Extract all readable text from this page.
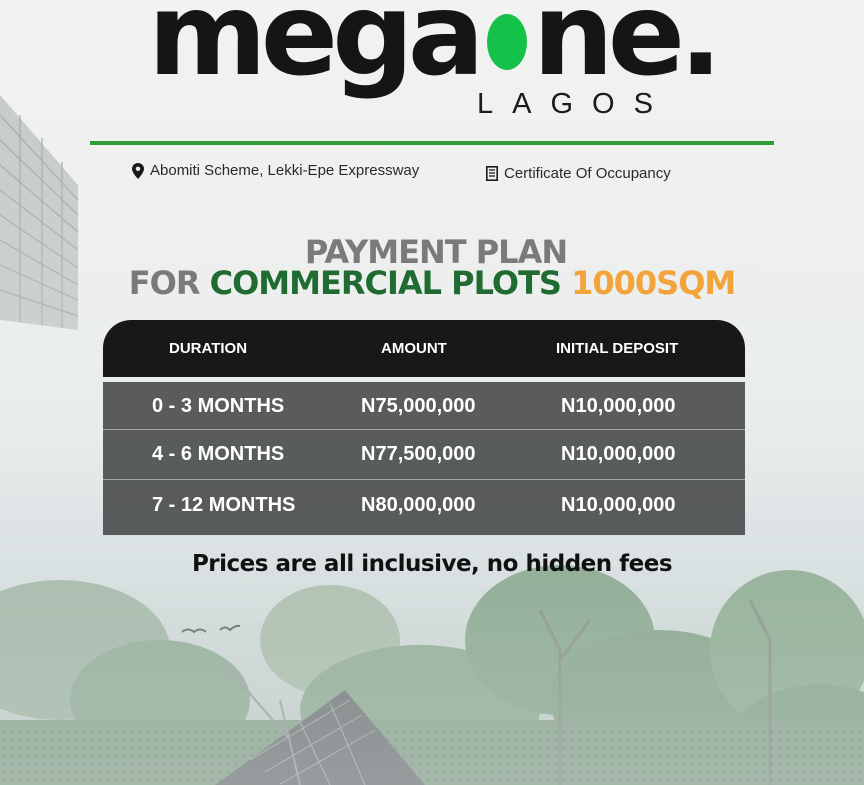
mega ne.
LAGOS
Abomiti Scheme, Lekki-Epe Expressway	Certificate Of Occupancy
PAYMENT PLAN
FOR COMMERCIAL PLOTS 1000SQM
DURATION	AMOUNT	INITIAL DEPOSIT
0 - 3 MONTHS	N75,000,000	N10,000,000
4 - 6 MONTHS	N77,500,000	N10,000,000
7 - 12 MONTHS	N80,000,000	N10,000,000
Prices are all inclusive, no hidden fees
